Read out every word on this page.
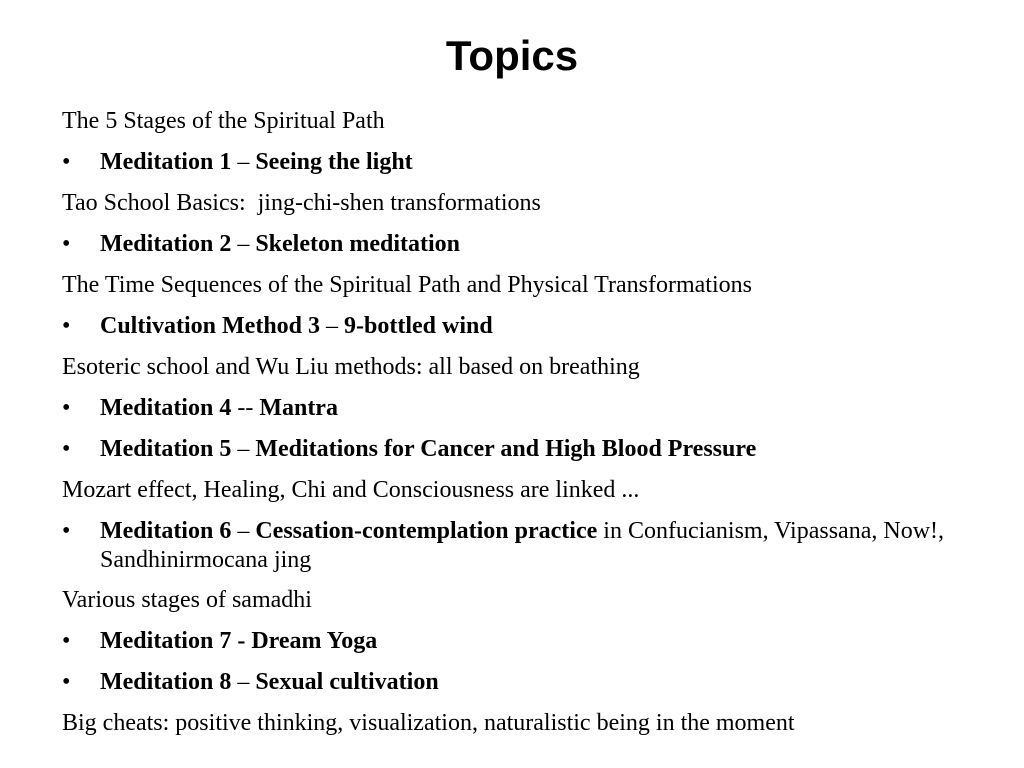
Topics
The 5 Stages of the Spiritual Path
•	Meditation 1 – Seeing the light
Tao School Basics:  jing-chi-shen transformations
•	Meditation 2 – Skeleton meditation
The Time Sequences of the Spiritual Path and Physical Transformations
•	Cultivation Method 3 – 9-bottled wind
Esoteric school and Wu Liu methods: all based on breathing
•	Meditation 4 -- Mantra
•	Meditation 5 – Meditations for Cancer and High Blood Pressure
Mozart effect, Healing, Chi and Consciousness are linked ...
•	Meditation 6 – Cessation-contemplation practice in Confucianism, Vipassana, Now!, Sandhinirmocana jing
Various stages of samadhi
•	Meditation 7 - Dream Yoga
•	Meditation 8 – Sexual cultivation
Big cheats: positive thinking, visualization, naturalistic being in the moment
